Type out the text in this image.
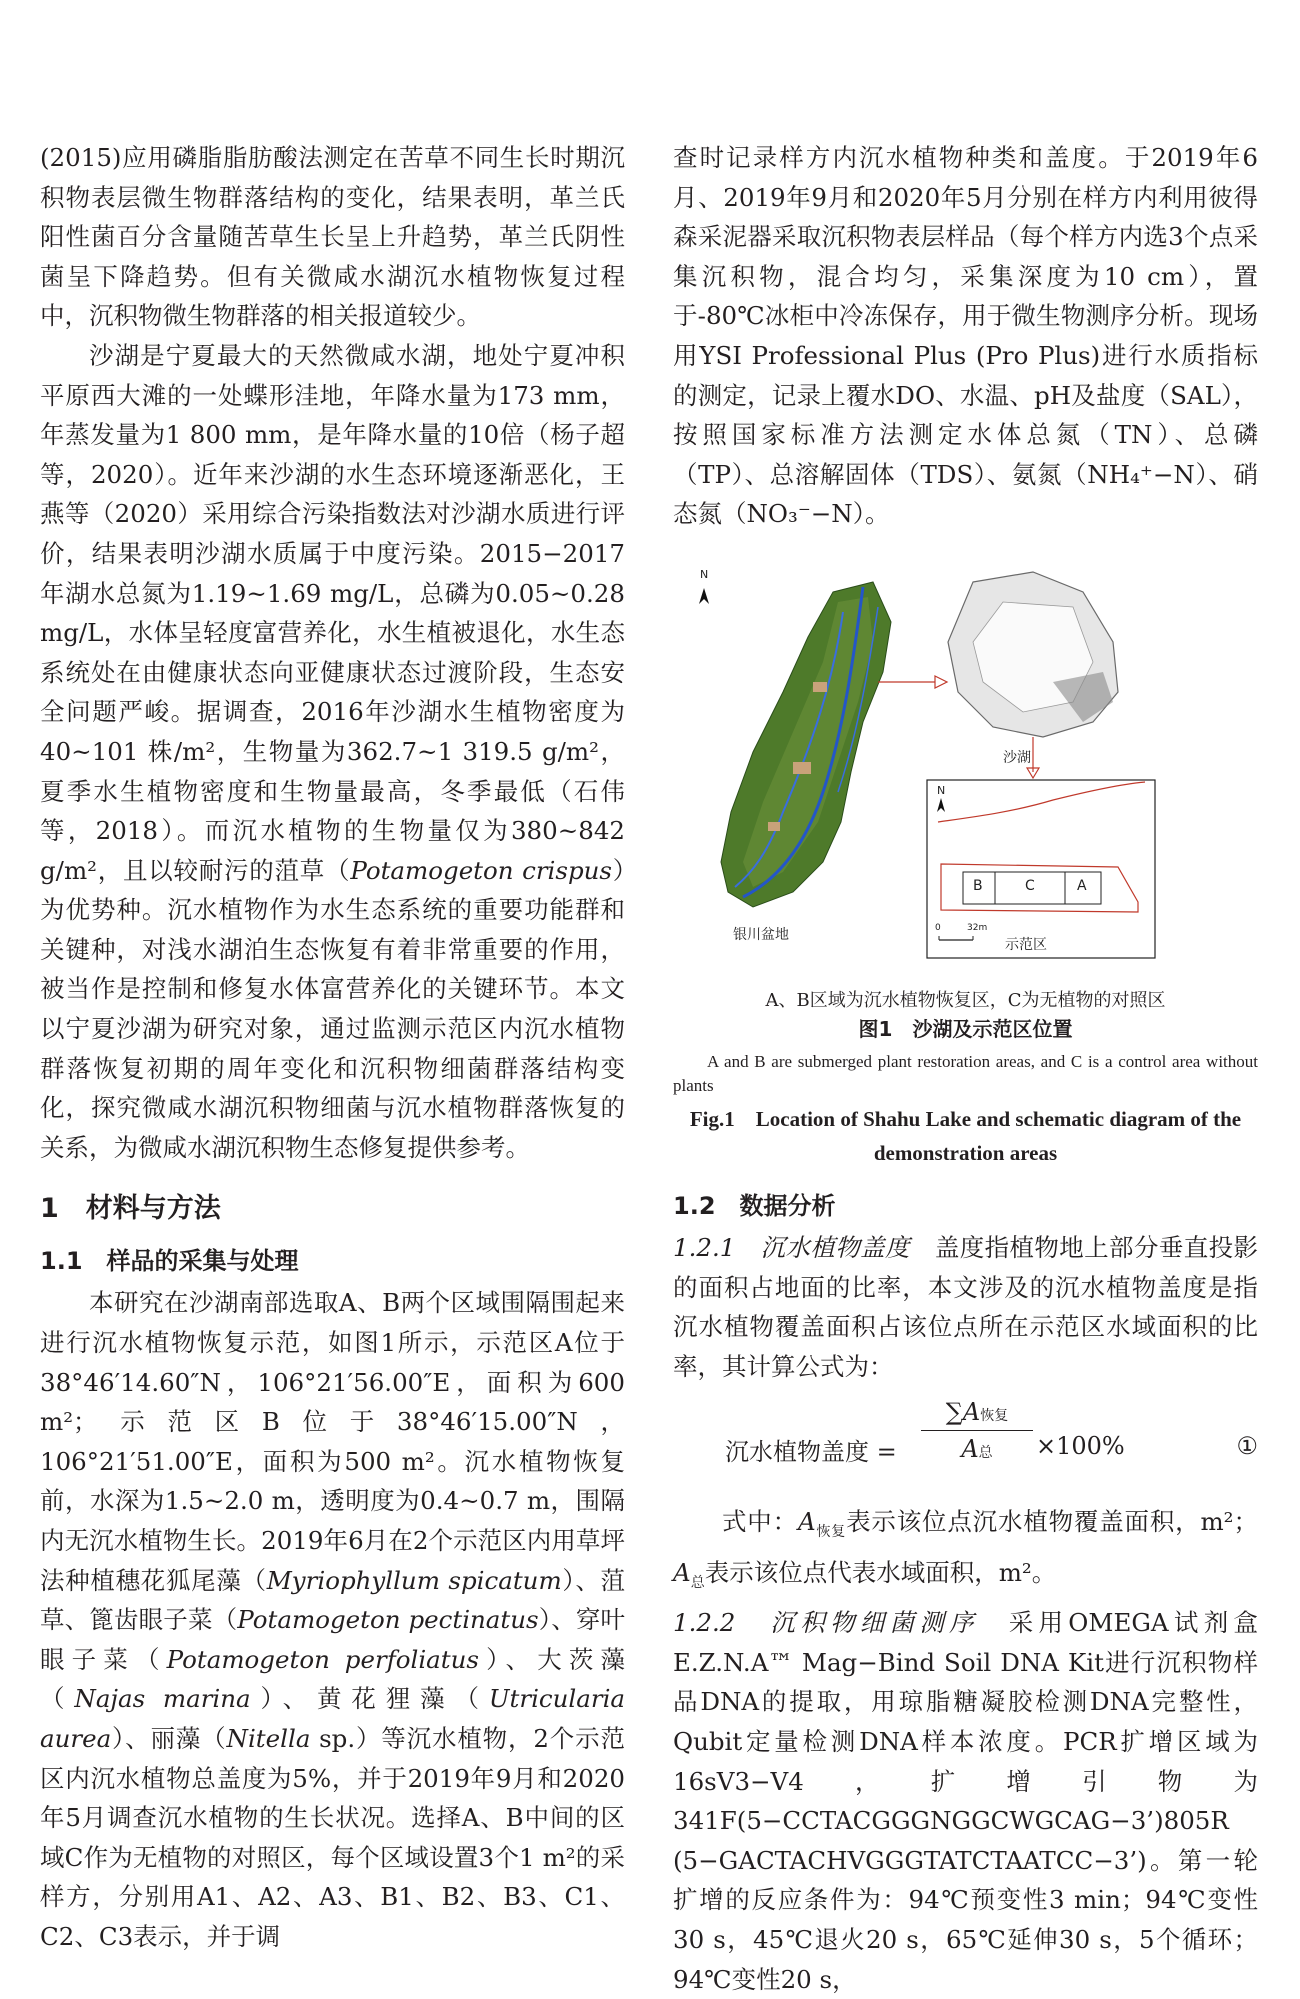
(2015)应用磷脂脂肪酸法测定在苦草不同生长时期沉积物表层微生物群落结构的变化，结果表明，革兰氏阳性菌百分含量随苦草生长呈上升趋势，革兰氏阴性菌呈下降趋势。但有关微咸水湖沉水植物恢复过程中，沉积物微生物群落的相关报道较少。

沙湖是宁夏最大的天然微咸水湖，地处宁夏冲积平原西大滩的一处蝶形洼地，年降水量为173 mm，年蒸发量为1 800 mm，是年降水量的10倍（杨子超等，2020）。近年来沙湖的水生态环境逐渐恶化，王燕等（2020）采用综合污染指数法对沙湖水质进行评价，结果表明沙湖水质属于中度污染。2015−2017年湖水总氮为1.19~1.69 mg/L，总磷为0.05~0.28 mg/L，水体呈轻度富营养化，水生植被退化，水生态系统处在由健康状态向亚健康状态过渡阶段，生态安全问题严峻。据调查，2016年沙湖水生植物密度为40~101 株/m²，生物量为362.7~1 319.5 g/m²，夏季水生植物密度和生物量最高，冬季最低（石伟等，2018）。而沉水植物的生物量仅为380~842 g/m²，且以较耐污的菹草（Potamogeton crispus）为优势种。沉水植物作为水生态系统的重要功能群和关键种，对浅水湖泊生态恢复有着非常重要的作用，被当作是控制和修复水体富营养化的关键环节。本文以宁夏沙湖为研究对象，通过监测示范区内沉水植物群落恢复初期的周年变化和沉积物细菌群落结构变化，探究微咸水湖沉积物细菌与沉水植物群落恢复的关系，为微咸水湖沉积物生态修复提供参考。

1　材料与方法
1.1　样品的采集与处理

本研究在沙湖南部选取A、B两个区域围隔围起来进行沉水植物恢复示范，如图1所示，示范区A位于38°46′14.60″N，106°21′56.00″E，面积为600 m²；示范区B位于38°46′15.00″N，106°21′51.00″E，面积为500 m²。沉水植物恢复前，水深为1.5~2.0 m，透明度为0.4~0.7 m，围隔内无沉水植物生长。2019年6月在2个示范区内用草坪法种植穗花狐尾藻（Myriophyllum spicatum）、菹草、篦齿眼子菜（Potamogeton pectinatus）、穿叶眼子菜（Potamogeton perfoliatus）、大茨藻（Najas marina）、黄花狸藻（Utricularia aurea）、丽藻（Nitella sp.）等沉水植物，2个示范区内沉水植物总盖度为5%，并于2019年9月和2020年5月调查沉水植物的生长状况。选择A、B中间的区域C作为无植物的对照区，每个区域设置3个1 m²的采样方，分别用A1、A2、A3、B1、B2、B3、C1、C2、C3表示，并于调

查时记录样方内沉水植物种类和盖度。于2019年6月、2019年9月和2020年5月分别在样方内利用彼得森采泥器采取沉积物表层样品（每个样方内选3个点采集沉积物，混合均匀，采集深度为10 cm），置于-80℃冰柜中冷冻保存，用于微生物测序分析。现场用YSI Professional Plus (Pro Plus)进行水质指标的测定，记录上覆水DO、水温、pH及盐度（SAL），按照国家标准方法测定水体总氮（TN）、总磷（TP）、总溶解固体（TDS）、氨氮（NH₄⁺−N）、硝态氮（NO₃⁻−N）。

N
N
银川盆地
沙湖
示范区
B	C	A
0	32m

A、B区域为沉水植物恢复区，C为无植物的对照区

图1　沙湖及示范区位置

A and B are submerged plant restoration areas, and C is a control area without plants

Fig.1　Location of Shahu Lake and schematic diagram of the demonstration areas

1.2　数据分析

1.2.1　沉水植物盖度　盖度指植物地上部分垂直投影的面积占地面的比率，本文涉及的沉水植物盖度是指沉水植物覆盖面积占该位点所在示范区水域面积的比率，其计算公式为：

沉水植物盖度 =
∑A恢复
A总	×100%	①

式中：$A_{恢复}$表示该位点沉水植物覆盖面积，m²；$A_总$表示该位点代表水域面积，m²。

1.2.2　沉积物细菌测序　采用OMEGA试剂盒E.Z.N.A™ Mag−Bind Soil DNA Kit进行沉积物样品DNA的提取，用琼脂糖凝胶检测DNA完整性，Qubit定量检测DNA样本浓度。PCR扩增区域为16sV3−V4，扩增引物为341F(5−CCTACGGGNGGCWGCAG−3’)805R (5−GACTACHVGGGTATCTAATCC−3’)。第一轮扩增的反应条件为：94℃预变性3 min；94℃变性30 s，45℃退火20 s，65℃延伸30 s，5个循环；94℃变性20 s，
